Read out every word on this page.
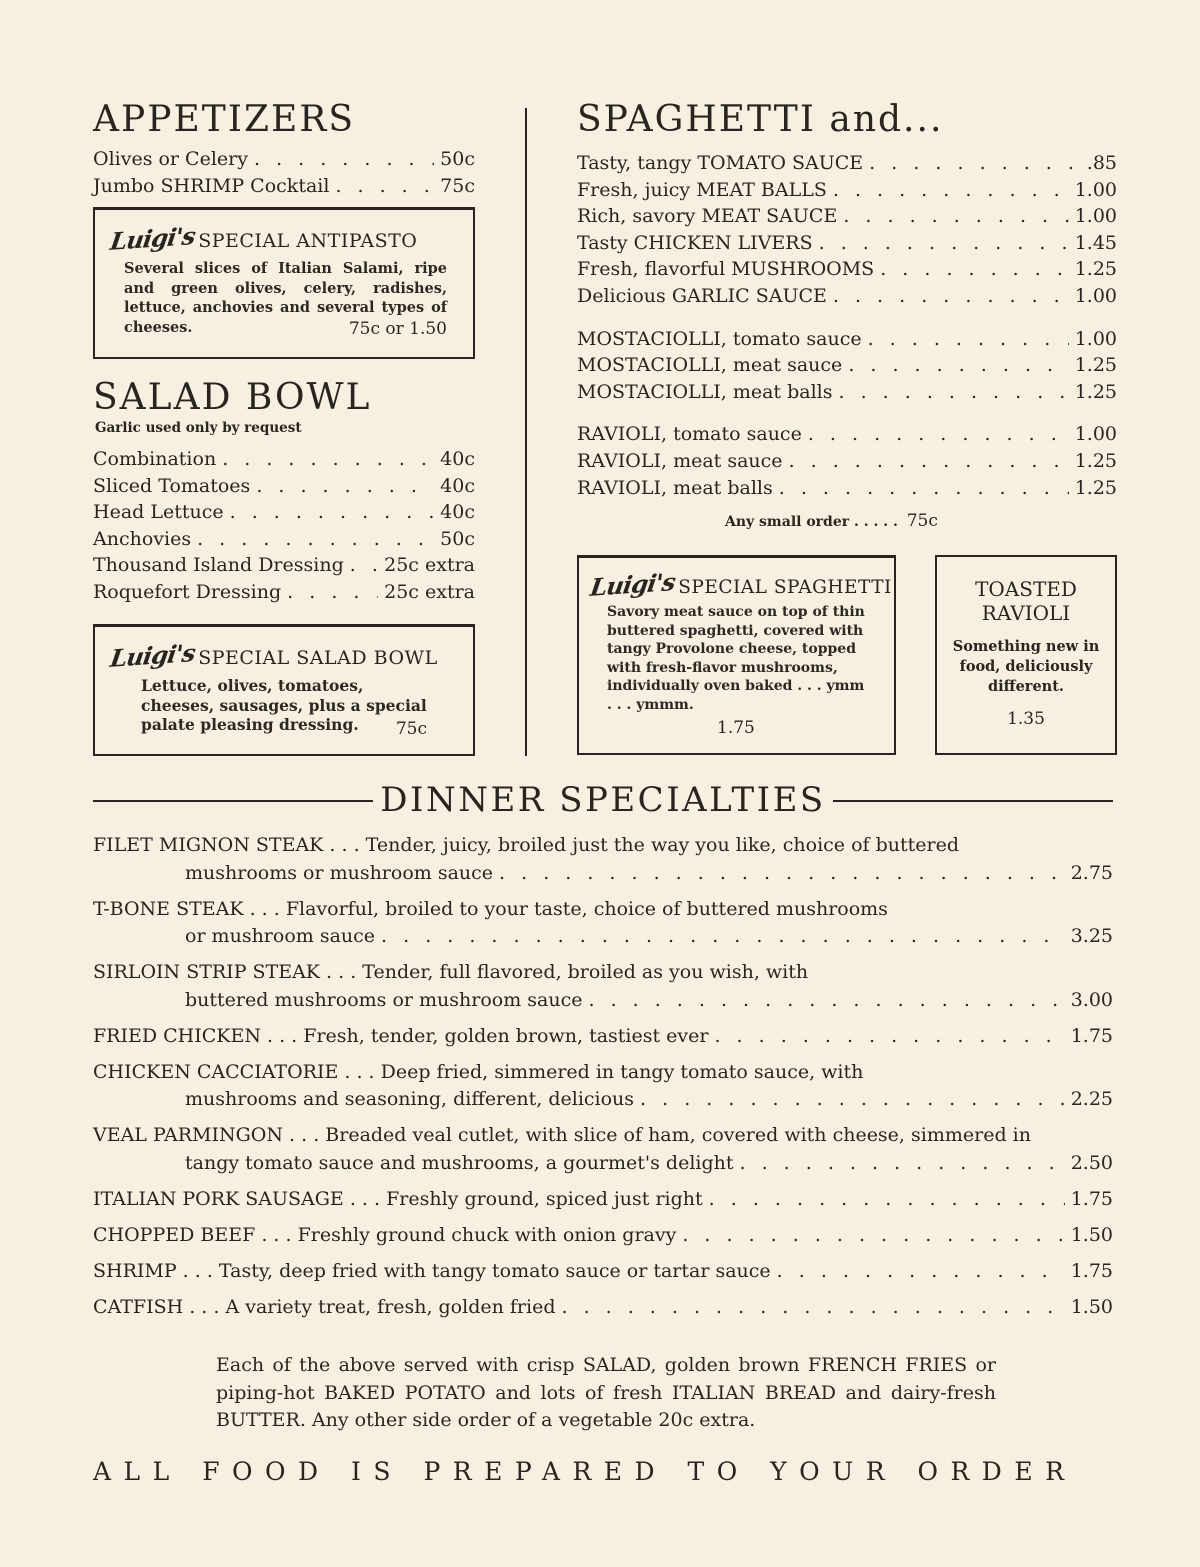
APPETIZERS
Olives or Celery . . .	50c
Jumbo SHRIMP Cocktail . . .	75c
Luigi'sSPECIAL ANTIPASTO
Several slices of Italian Salami, ripe and green olives, celery, radishes, lettuce, anchovies and several types of cheeses.	75c or 1.50
SALAD BOWL
Garlic used only by request
Combination . . .	40c
Sliced Tomatoes . . .	40c
Head Lettuce . . .	40c
Anchovies . . .	50c
Thousand Island Dressing . . . 25c extra
Roquefort Dressing . . .	25c extra
Luigi'sSPECIAL SALAD BOWL
Lettuce, olives, tomatoes, cheeses, sausages, plus a special palate pleasing dressing.	75c
SPAGHETTI and...
Tasty, tangy TOMATO SAUCE . . .	.85
Fresh, juicy MEAT BALLS . . .	1.00
Rich, savory MEAT SAUCE . . .	1.00
Tasty CHICKEN LIVERS . . .	1.45
Fresh, flavorful MUSHROOMS . . .	1.25
Delicious GARLIC SAUCE . . .	1.00
MOSTACIOLLI, tomato sauce . . .	1.00
MOSTACIOLLI, meat sauce . . .	1.25
MOSTACIOLLI, meat balls . . .	1.25
RAVIOLI, tomato sauce . . .	1.00
RAVIOLI, meat sauce . . .	1.25
RAVIOLI, meat balls . . .	1.25
Any small order . . . . . 75c
Luigi'sSPECIAL SPAGHETTI
Savory meat sauce on top of thin buttered spaghetti, covered with tangy Provolone cheese, topped with fresh-flavor mushrooms, individually oven baked . . . ymm . . . ymmm.
1.75
TOASTED RAVIOLI
Something new in food, deliciously different.
1.35
DINNER SPECIALTIES
FILET MIGNON STEAK . . . Tender, juicy, broiled just the way you like, choice of buttered
mushrooms or mushroom sauce . . .	2.75
T-BONE STEAK . . . Flavorful, broiled to your taste, choice of buttered mushrooms
or mushroom sauce . . .	3.25
SIRLOIN STRIP STEAK . . . Tender, full flavored, broiled as you wish, with
buttered mushrooms or mushroom sauce . . .	3.00
FRIED CHICKEN . . . Fresh, tender, golden brown, tastiest ever . . .	1.75
CHICKEN CACCIATORIE . . . Deep fried, simmered in tangy tomato sauce, with
mushrooms and seasoning, different, delicious . . .	2.25
VEAL PARMINGON . . . Breaded veal cutlet, with slice of ham, covered with cheese, simmered in
tangy tomato sauce and mushrooms, a gourmet's delight . . .	2.50
ITALIAN PORK SAUSAGE . . . Freshly ground, spiced just right . . .	1.75
CHOPPED BEEF . . . Freshly ground chuck with onion gravy . . .	1.50
SHRIMP . . . Tasty, deep fried with tangy tomato sauce or tartar sauce . . .	1.75
CATFISH . . . A variety treat, fresh, golden fried . . .	1.50
Each of the above served with crisp SALAD, golden brown FRENCH FRIES or piping-hot BAKED POTATO and lots of fresh ITALIAN BREAD and dairy-fresh BUTTER. Any other side order of a vegetable 20c extra.
ALL FOOD IS PREPARED TO YOUR ORDER
